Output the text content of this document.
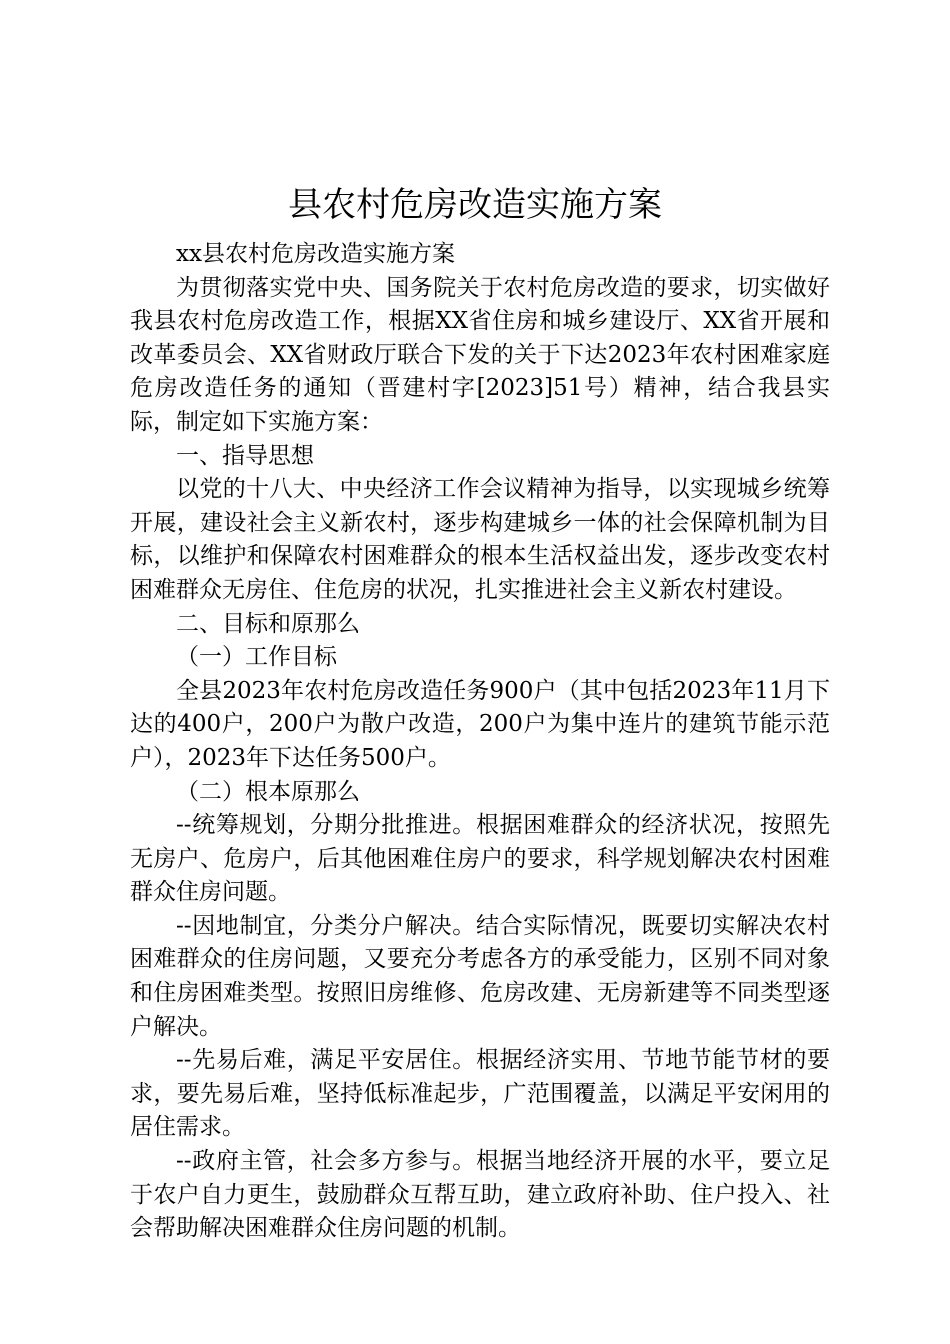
县农村危房改造实施方案

xx县农村危房改造实施方案

为贯彻落实党中央、国务院关于农村危房改造的要求，切实做好我县农村危房改造工作，根据XX省住房和城乡建设厅、XX省开展和改革委员会、XX省财政厅联合下发的关于下达2023年农村困难家庭危房改造任务的通知（晋建村字[2023]51号）精神，结合我县实际，制定如下实施方案：

一、指导思想

以党的十八大、中央经济工作会议精神为指导，以实现城乡统筹开展，建设社会主义新农村，逐步构建城乡一体的社会保障机制为目标，以维护和保障农村困难群众的根本生活权益出发，逐步改变农村困难群众无房住、住危房的状况，扎实推进社会主义新农村建设。

二、目标和原那么

（一）工作目标

全县2023年农村危房改造任务900户（其中包括2023年11月下达的400户，200户为散户改造，200户为集中连片的建筑节能示范户），2023年下达任务500户。

（二）根本原那么

--统筹规划，分期分批推进。根据困难群众的经济状况，按照先无房户、危房户，后其他困难住房户的要求，科学规划解决农村困难群众住房问题。

--因地制宜，分类分户解决。结合实际情况，既要切实解决农村困难群众的住房问题，又要充分考虑各方的承受能力，区别不同对象和住房困难类型。按照旧房维修、危房改建、无房新建等不同类型逐户解决。

--先易后难，满足平安居住。根据经济实用、节地节能节材的要求，要先易后难，坚持低标准起步，广范围覆盖，以满足平安闲用的居住需求。

--政府主管，社会多方参与。根据当地经济开展的水平，要立足于农户自力更生，鼓励群众互帮互助，建立政府补助、住户投入、社会帮助解决困难群众住房问题的机制。
